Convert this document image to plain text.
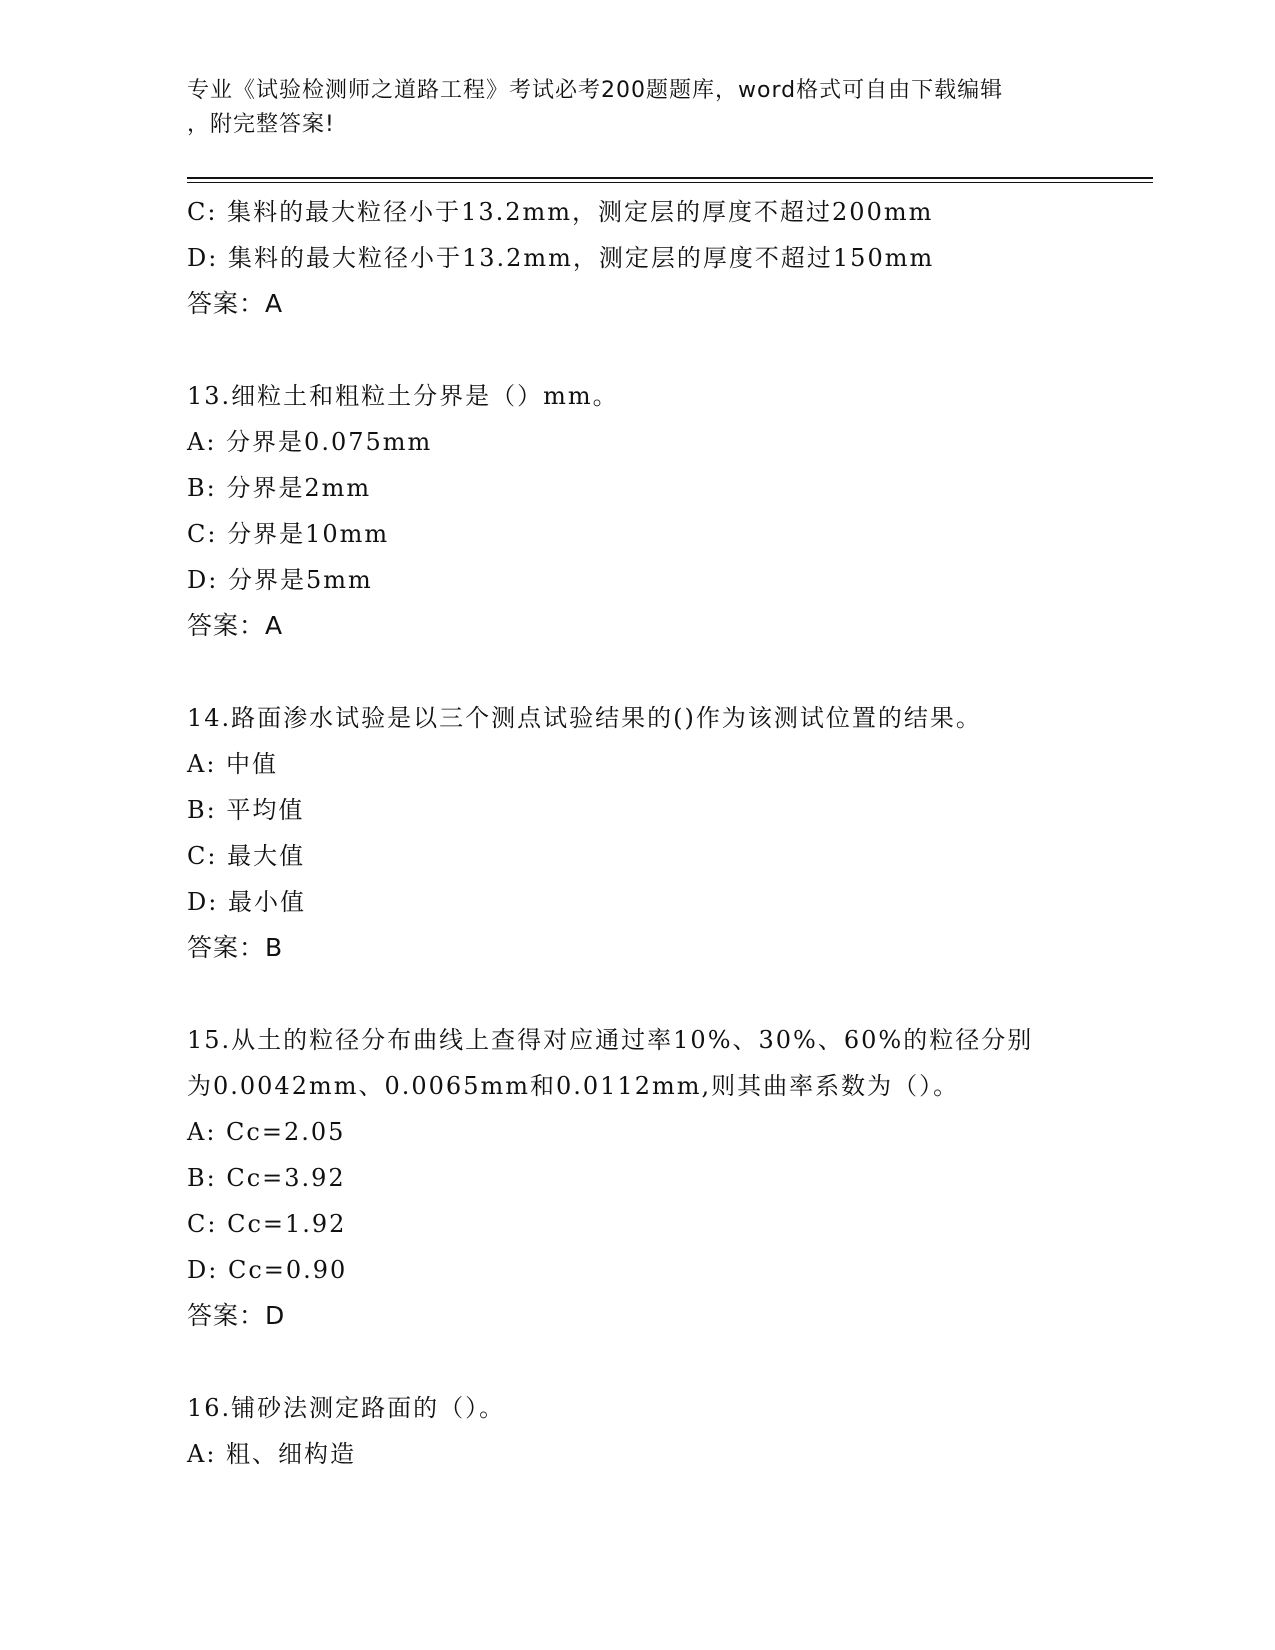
专业《试验检测师之道路工程》考试必考200题题库，word格式可自由下载编辑
，附完整答案!
C: 集料的最大粒径小于13.2mm，测定层的厚度不超过200mm
D: 集料的最大粒径小于13.2mm，测定层的厚度不超过150mm
答案：A
13.细粒土和粗粒土分界是（）mm。
A: 分界是0.075mm
B: 分界是2mm
C: 分界是10mm
D: 分界是5mm
答案：A
14.路面渗水试验是以三个测点试验结果的()作为该测试位置的结果。
A: 中值
B: 平均值
C: 最大值
D: 最小值
答案：B
15.从土的粒径分布曲线上查得对应通过率10%、30%、60%的粒径分别
为0.0042mm、0.0065mm和0.0112mm,则其曲率系数为（）。
A: Cc=2.05
B: Cc=3.92
C: Cc=1.92
D: Cc=0.90
答案：D
16.铺砂法测定路面的（）。
A: 粗、细构造
